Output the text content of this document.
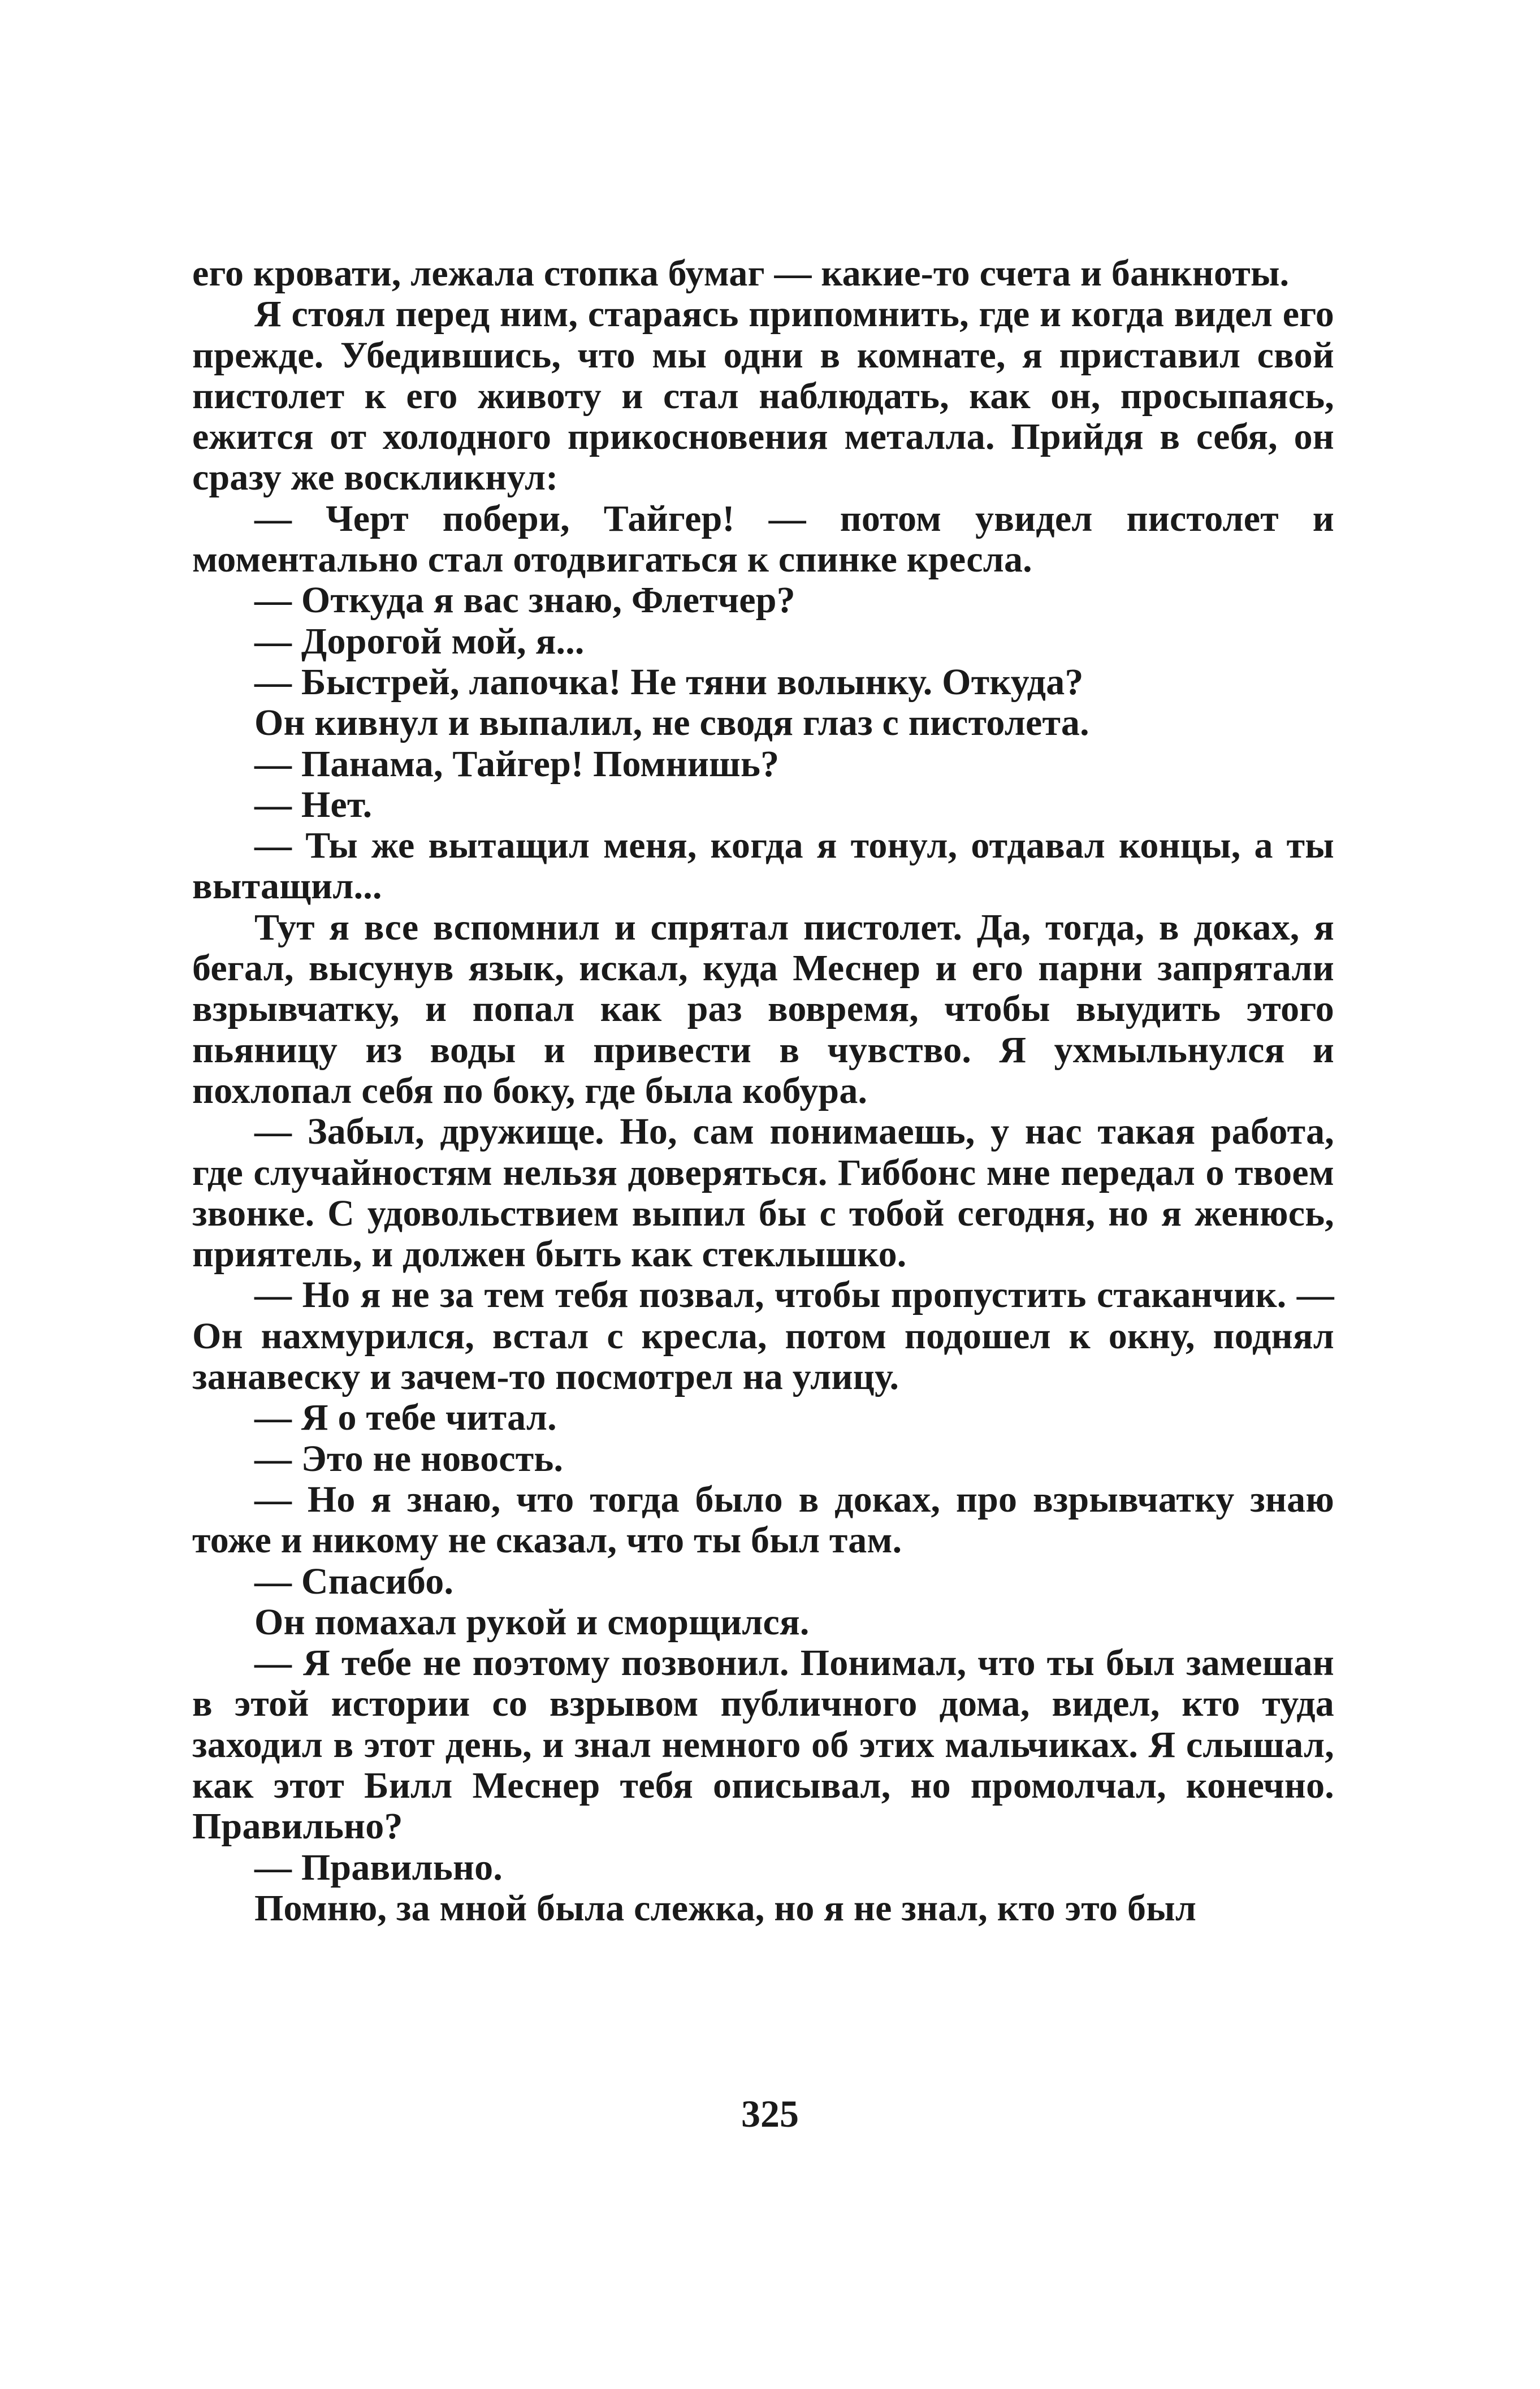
его кровати, лежала стопка бумаг — какие-то счета и банкноты.

Я стоял перед ним, стараясь припомнить, где и когда видел его прежде. Убедившись, что мы одни в комнате, я приставил свой пистолет к его животу и стал наблюдать, как он, просыпаясь, ежится от холодного прикосновения металла. Прийдя в себя, он сразу же воскликнул:

— Черт побери, Тайгер! — потом увидел пистолет и моментально стал отодвигаться к спинке кресла.

— Откуда я вас знаю, Флетчер?

— Дорогой мой, я...

— Быстрей, лапочка! Не тяни волынку. Откуда?

Он кивнул и выпалил, не сводя глаз с пистолета.

— Панама, Тайгер! Помнишь?

— Нет.

— Ты же вытащил меня, когда я тонул, отдавал концы, а ты вытащил...

Тут я все вспомнил и спрятал пистолет. Да, тогда, в доках, я бегал, высунув язык, искал, куда Меснер и его парни запрятали взрывчатку, и попал как раз вовремя, чтобы выудить этого пьяницу из воды и привести в чувство. Я ухмыльнулся и похлопал себя по боку, где была кобура.

— Забыл, дружище. Но, сам понимаешь, у нас такая работа, где случайностям нельзя доверяться. Гиббонс мне передал о твоем звонке. С удовольствием выпил бы с тобой сегодня, но я женюсь, приятель, и должен быть как стеклышко.

— Но я не за тем тебя позвал, чтобы пропустить стаканчик. — Он нахмурился, встал с кресла, потом подошел к окну, поднял занавеску и зачем-то посмотрел на улицу.

— Я о тебе читал.

— Это не новость.

— Но я знаю, что тогда было в доках, про взрывчатку знаю тоже и никому не сказал, что ты был там.

— Спасибо.

Он помахал рукой и сморщился.

— Я тебе не поэтому позвонил. Понимал, что ты был замешан в этой истории со взрывом публичного дома, видел, кто туда заходил в этот день, и знал немного об этих мальчиках. Я слышал, как этот Билл Меснер тебя описывал, но промолчал, конечно. Правильно?

— Правильно.

Помню, за мной была слежка, но я не знал, кто это был

325
